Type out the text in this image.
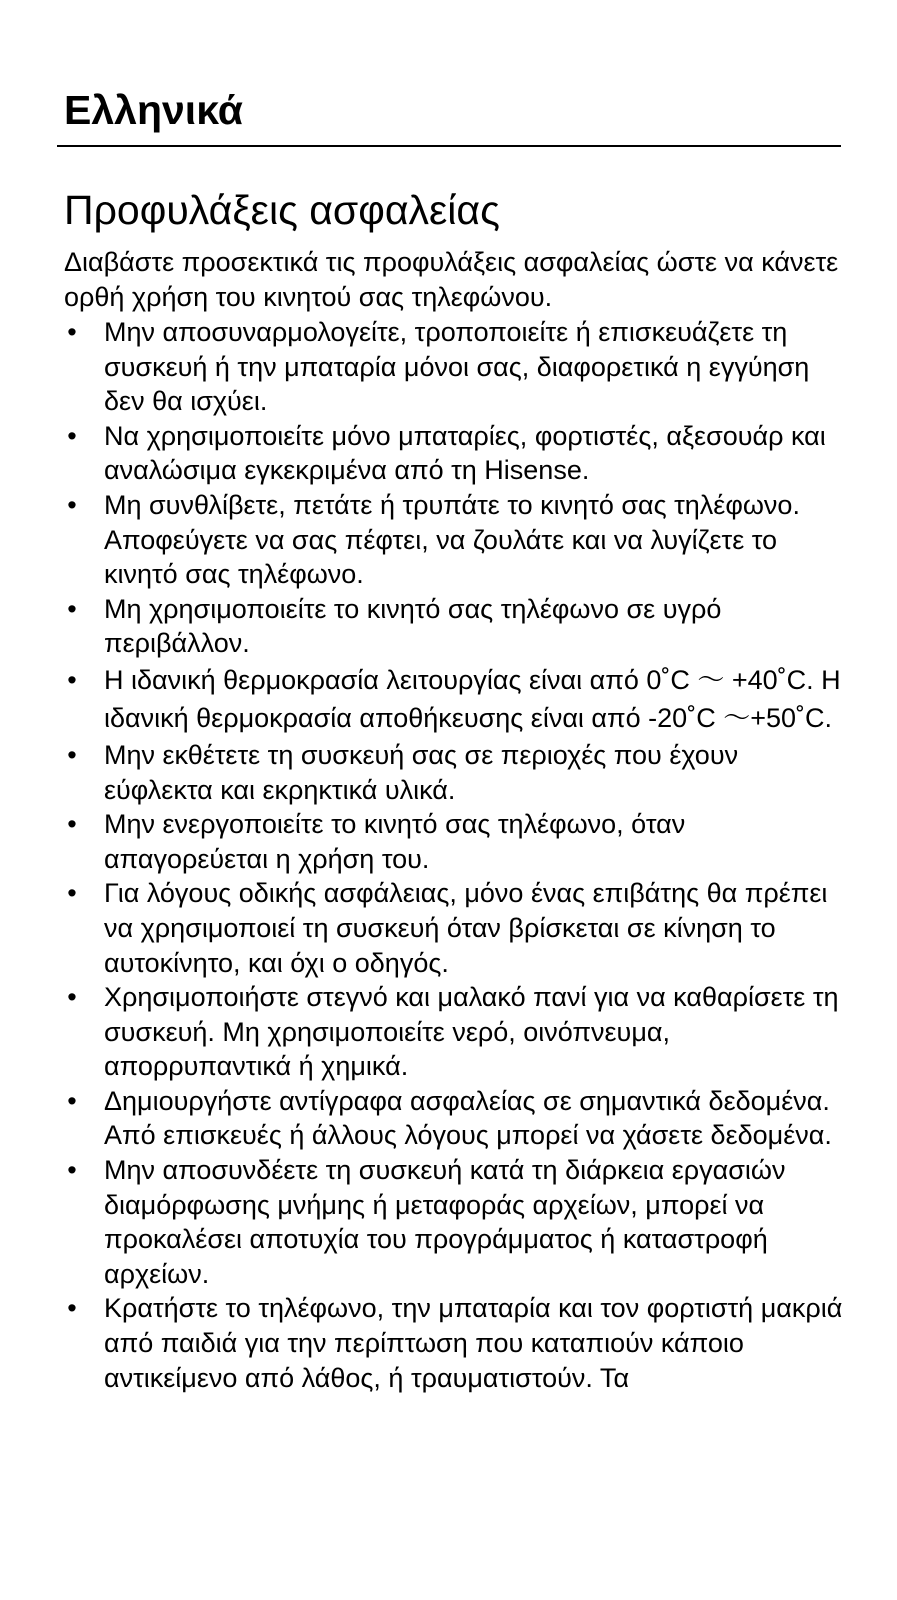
Ελληνικά
Προφυλάξεις ασφαλείας

Διαβάστε προσεκτικά τις προφυλάξεις ασφαλείας ώστε να κάνετε ορθή χρήση του κινητού σας τηλεφώνου.

• Μην αποσυναρμολογείτε, τροποποιείτε ή επισκευάζετε τη συσκευή ή την μπαταρία μόνοι σας, διαφορετικά η εγγύηση δεν θα ισχύει.
• Να χρησιμοποιείτε μόνο μπαταρίες, φορτιστές, αξεσουάρ και αναλώσιμα εγκεκριμένα από τη Hisense.
• Μη συνθλίβετε, πετάτε ή τρυπάτε το κινητό σας τηλέφωνο. Αποφεύγετε να σας πέφτει, να ζουλάτε και να λυγίζετε το κινητό σας τηλέφωνο.
• Μη χρησιμοποιείτε το κινητό σας τηλέφωνο σε υγρό περιβάλλον.
• Η ιδανική θερμοκρασία λειτουργίας είναι από 0˚C ～ +40˚C. Η ιδανική θερμοκρασία αποθήκευσης είναι από -20˚C ～+50˚C.
• Μην εκθέτετε τη συσκευή σας σε περιοχές που έχουν εύφλεκτα και εκρηκτικά υλικά.
• Μην ενεργοποιείτε το κινητό σας τηλέφωνο, όταν απαγορεύεται η χρήση του.
• Για λόγους οδικής ασφάλειας, μόνο ένας επιβάτης θα πρέπει να χρησιμοποιεί τη συσκευή όταν βρίσκεται σε κίνηση το αυτοκίνητο, και όχι ο οδηγός.
• Χρησιμοποιήστε στεγνό και μαλακό πανί για να καθαρίσετε τη συσκευή. Μη χρησιμοποιείτε νερό, οινόπνευμα, απορρυπαντικά ή χημικά.
• Δημιουργήστε αντίγραφα ασφαλείας σε σημαντικά δεδομένα. Από επισκευές ή άλλους λόγους μπορεί να χάσετε δεδομένα.
• Μην αποσυνδέετε τη συσκευή κατά τη διάρκεια εργασιών διαμόρφωσης μνήμης ή μεταφοράς αρχείων, μπορεί να προκαλέσει αποτυχία του προγράμματος ή καταστροφή αρχείων.
• Κρατήστε το τηλέφωνο, την μπαταρία και τον φορτιστή μακριά από παιδιά για την περίπτωση που καταπιούν κάποιο αντικείμενο από λάθος, ή τραυματιστούν. Τα
